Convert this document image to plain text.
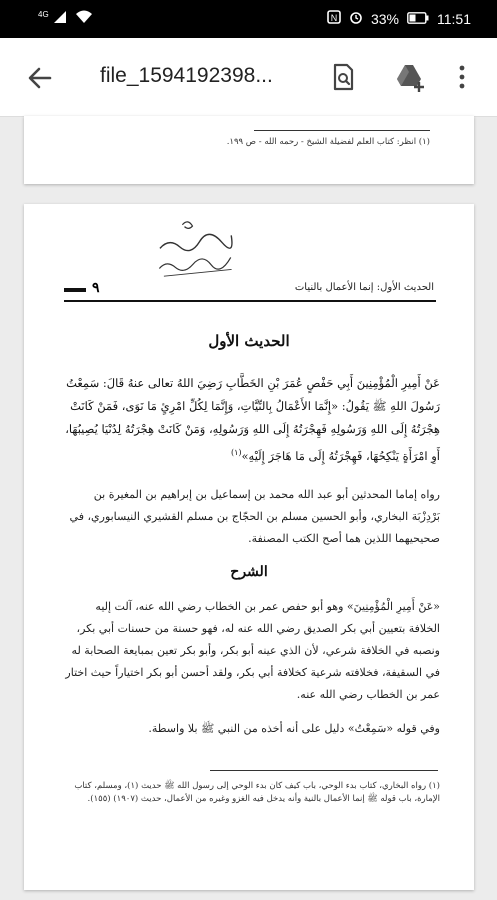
$^{4G}$	N 33%	11:51
file_1594192398...
(١) انظر: كتاب العلم لفضيلة الشيخ - رحمه الله - ص ١٩٩.
٩	الحديث الأول: إنما الأعمال بالنيات
الحديث الأول
عَنْ أَمِيرِ الْمُؤْمِنِينَ أَبِي حَفْصٍ عُمَرَ بْنِ الخَطَّابِ رَضِيَ اللهُ تعالى عنهُ قَالَ: سَمِعْتُ رَسُولَ اللهِ ﷺ يَقُولُ: «إِنَّمَا الأَعْمَالُ بِالنِّيَّاتِ، وَإِنَّمَا لِكُلِّ امْرِئٍ مَا نَوَى، فَمَنْ كَانَتْ هِجْرَتُهُ إِلَى اللهِ وَرَسُولِهِ فَهِجْرَتُهُ إِلَى اللهِ وَرَسُولِهِ، وَمَنْ كَانَتْ هِجْرَتُهُ لِدُنْيَا يُصِيبُهَا، أَوِ امْرَأَةٍ يَنْكِحُهَا، فَهِجْرَتُهُ إِلَى مَا هَاجَرَ إِلَيْهِ»$^{(١)}$
رواه إماما المحدثين أبو عبد الله محمد بن إسماعيل بن إبراهيم بن المغيرة بن بَرْدِزْبَة البخاري، وأبو الحسين مسلم بن الحجّاج بن مسلم القشيري النيسابوري، في صحيحيهما اللذين هما أصح الكتب المصنفة.
الشرح
«عَنْ أَمِيرِ الْمُؤْمِنِينَ» وهو أبو حفص عمر بن الخطاب رضي الله عنه، آلت إليه الخلافة بتعيين أبي بكر الصديق رضي الله عنه له، فهو حسنة من حسنات أبي بكر، ونصبه في الخلافة شرعي، لأن الذي عينه أبو بكر، وأبو بكر تعين بمبايعة الصحابة له في السقيفة، فخلافته شرعية كخلافة أبي بكر، ولقد أحسن أبو بكر اختياراً حيث اختار عمر بن الخطاب رضي الله عنه.
وفي قوله «سَمِعْتُ» دليل على أنه أخذه من النبي ﷺ بلا واسطة.
(١) رواه البخاري، كتاب بدء الوحي، باب كيف كان بدء الوحي إلى رسول الله ﷺ حديث (١)، ومسلم، كتاب الإمارة، باب قوله ﷺ إنما الأعمال بالنية وأنه يدخل فيه الغزو وغيره من الأعمال، حديث (١٩٠٧) (١٥٥).
